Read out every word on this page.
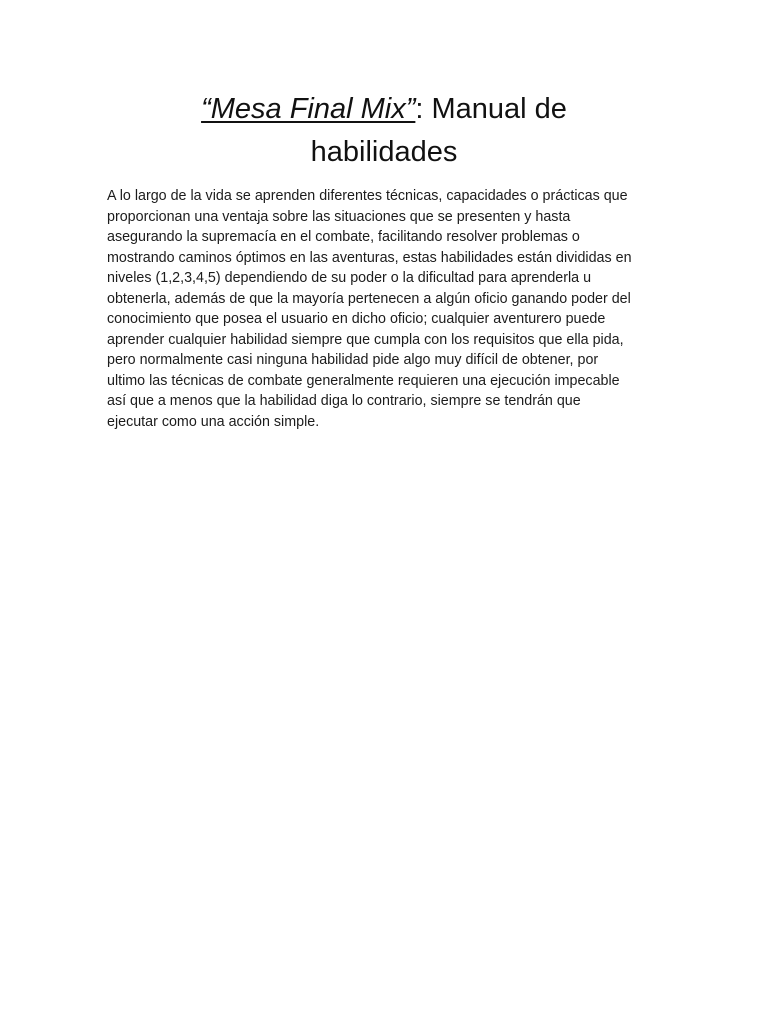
“Mesa Final Mix”: Manual de
habilidades

A lo largo de la vida se aprenden diferentes técnicas, capacidades o prácticas que
proporcionan una ventaja sobre las situaciones que se presenten y hasta
asegurando la supremacía en el combate, facilitando resolver problemas o
mostrando caminos óptimos en las aventuras, estas habilidades están divididas en
niveles (1,2,3,4,5) dependiendo de su poder o la dificultad para aprenderla u
obtenerla, además de que la mayoría pertenecen a algún oficio ganando poder del
conocimiento que posea el usuario en dicho oficio; cualquier aventurero puede
aprender cualquier habilidad siempre que cumpla con los requisitos que ella pida,
pero normalmente casi ninguna habilidad pide algo muy difícil de obtener, por
ultimo las técnicas de combate generalmente requieren una ejecución impecable
así que a menos que la habilidad diga lo contrario, siempre se tendrán que
ejecutar como una acción simple.
